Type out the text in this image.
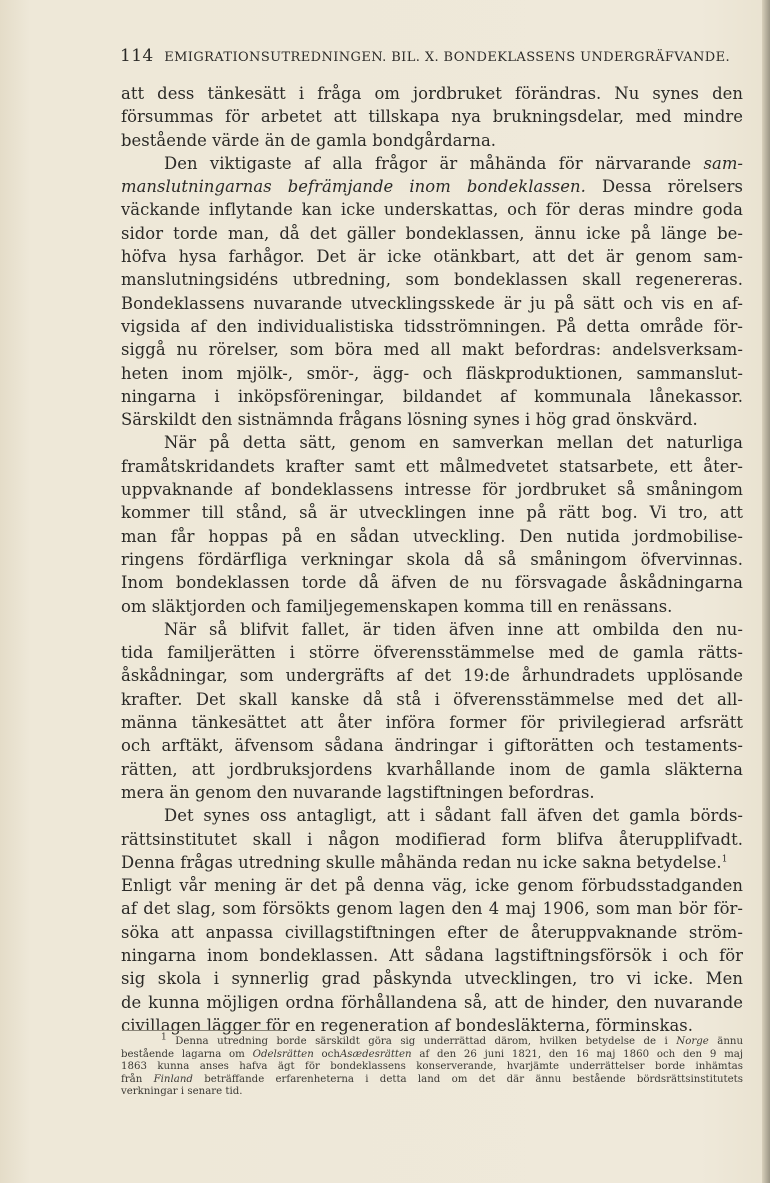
114 EMIGRATIONSUTREDNINGEN. BIL. X. BONDEKLASSENS UNDERGRÄFVANDE.
att dess tänkesätt i fråga om jordbruket förändras. Nu synes den
försummas för arbetet att tillskapa nya brukningsdelar, med mindre
bestående värde än de gamla bondgårdarna.
Den viktigaste af alla frågor är måhända för närvarande sam-
manslutningarnas befrämjande inom bondeklassen. Dessa rörelsers
väckande inflytande kan icke underskattas, och för deras mindre goda
sidor torde man, då det gäller bondeklassen, ännu icke på länge be-
höfva hysa farhågor. Det är icke otänkbart, att det är genom sam-
manslutningsidéns utbredning, som bondeklassen skall regenereras.
Bondeklassens nuvarande utvecklingsskede är ju på sätt och vis en af-
vigsida af den individualistiska tidsströmningen. På detta område för-
siggå nu rörelser, som böra med all makt befordras: andelsverksam-
heten inom mjölk-, smör-, ägg- och fläskproduktionen, sammanslut-
ningarna i inköpsföreningar, bildandet af kommunala lånekassor.
Särskildt den sistnämnda frågans lösning synes i hög grad önskvärd.
När på detta sätt, genom en samverkan mellan det naturliga
framåtskridandets krafter samt ett målmedvetet statsarbete, ett åter-
uppvaknande af bondeklassens intresse för jordbruket så småningom
kommer till stånd, så är utvecklingen inne på rätt bog. Vi tro, att
man får hoppas på en sådan utveckling. Den nutida jordmobilise-
ringens fördärfliga verkningar skola då så småningom öfvervinnas.
Inom bondeklassen torde då äfven de nu försvagade åskådningarna
om släktjorden och familjegemenskapen komma till en renässans.
När så blifvit fallet, är tiden äfven inne att ombilda den nu-
tida familjerätten i större öfverensstämmelse med de gamla rätts-
åskådningar, som undergräfts af det 19:de århundradets upplösande
krafter. Det skall kanske då stå i öfverensstämmelse med det all-
männa tänkesättet att åter införa former för privilegierad arfsrätt
och arftäkt, äfvensom sådana ändringar i giftorätten och testaments-
rätten, att jordbruksjordens kvarhållande inom de gamla släkterna
mera än genom den nuvarande lagstiftningen befordras.
Det synes oss antagligt, att i sådant fall äfven det gamla börds-
rättsinstitutet skall i någon modifierad form blifva återupplifvadt.
Denna frågas utredning skulle måhända redan nu icke sakna betydelse.$^1$
Enligt vår mening är det på denna väg, icke genom förbudsstadganden
af det slag, som försökts genom lagen den 4 maj 1906, som man bör för-
söka att anpassa civillagstiftningen efter de återuppvaknande ström-
ningarna inom bondeklassen. Att sådana lagstiftningsförsök i och för
sig skola i synnerlig grad påskynda utvecklingen, tro vi icke. Men
de kunna möjligen ordna förhållandena så, att de hinder, den nuvarande
civillagen lägger för en regeneration af bondesläkterna, förminskas.
$^1$ Denna utredning borde särskildt göra sig underrättad därom, hvilken betydelse de i Norge ännu
bestående lagarna om Odelsrätten ochAsædesrätten af den 26 juni 1821, den 16 maj 1860 och den 9 maj
1863 kunna anses hafva ägt för bondeklassens konserverande, hvarjämte underrättelser borde inhämtas
från Finland beträffande erfarenheterna i detta land om det där ännu bestående bördsrättsinstitutets
verkningar i senare tid.
